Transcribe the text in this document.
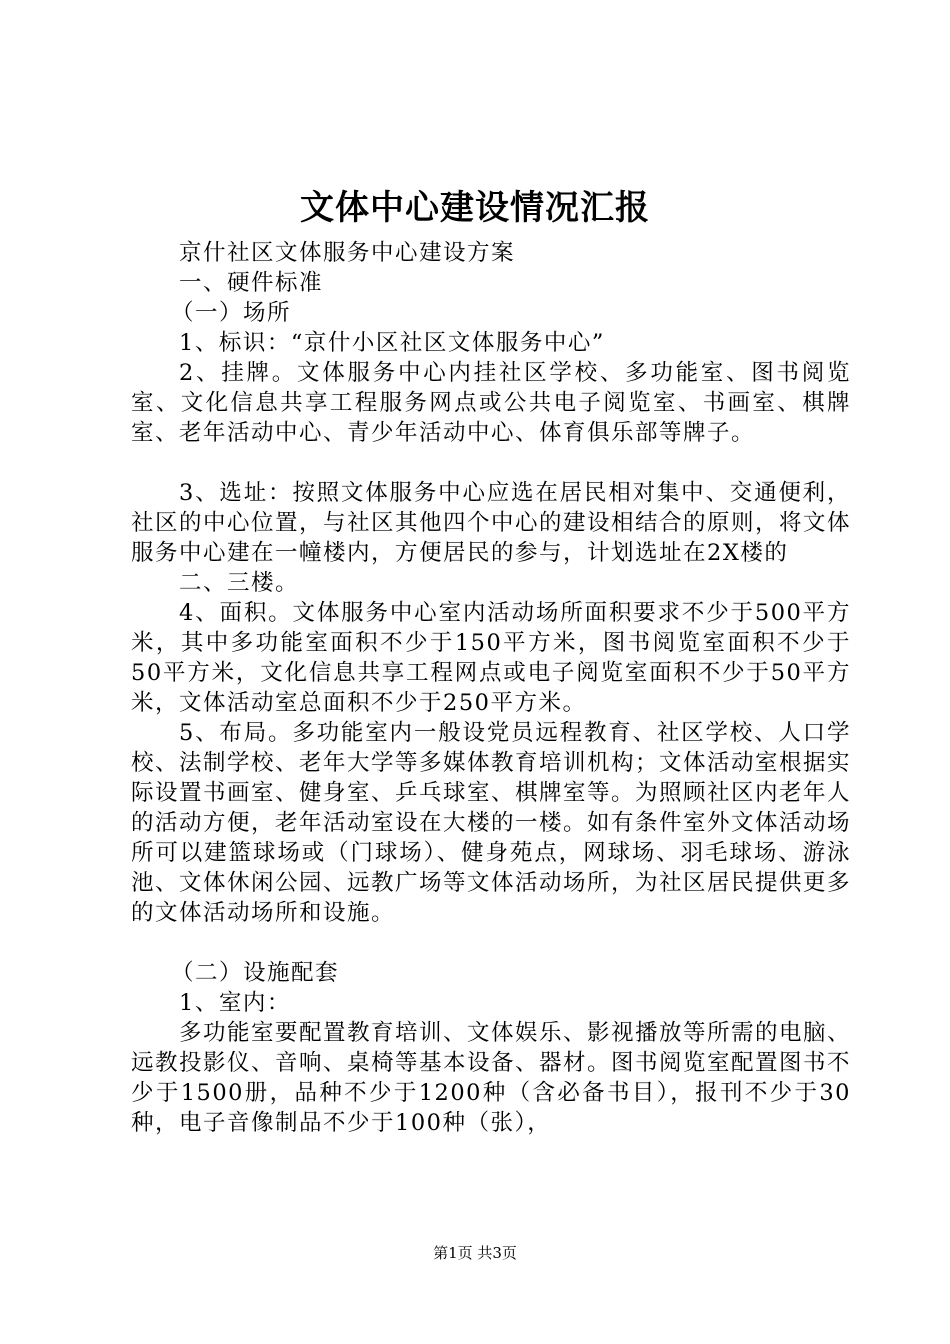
文体中心建设情况汇报

京什社区文体服务中心建设方案

一、硬件标准

（一）场所

1、标识：“京什小区社区文体服务中心”

2、挂牌。文体服务中心内挂社区学校、多功能室、图书阅览室、文化信息共享工程服务网点或公共电子阅览室、书画室、棋牌室、老年活动中心、青少年活动中心、体育俱乐部等牌子。

3、选址：按照文体服务中心应选在居民相对集中、交通便利，社区的中心位置，与社区其他四个中心的建设相结合的原则，将文体服务中心建在一幢楼内，方便居民的参与，计划选址在2X楼的

二、三楼。

4、面积。文体服务中心室内活动场所面积要求不少于500平方米，其中多功能室面积不少于150平方米，图书阅览室面积不少于50平方米，文化信息共享工程网点或电子阅览室面积不少于50平方米，文体活动室总面积不少于250平方米。

5、布局。多功能室内一般设党员远程教育、社区学校、人口学校、法制学校、老年大学等多媒体教育培训机构；文体活动室根据实际设置书画室、健身室、乒乓球室、棋牌室等。为照顾社区内老年人的活动方便，老年活动室设在大楼的一楼。如有条件室外文体活动场所可以建篮球场或（门球场）、健身苑点，网球场、羽毛球场、游泳池、文体休闲公园、远教广场等文体活动场所，为社区居民提供更多的文体活动场所和设施。

（二）设施配套

1、室内：

多功能室要配置教育培训、文体娱乐、影视播放等所需的电脑、远教投影仪、音响、桌椅等基本设备、器材。图书阅览室配置图书不少于1500册，品种不少于1200种（含必备书目），报刊不少于30种，电子音像制品不少于100种（张），

第1页 共3页
